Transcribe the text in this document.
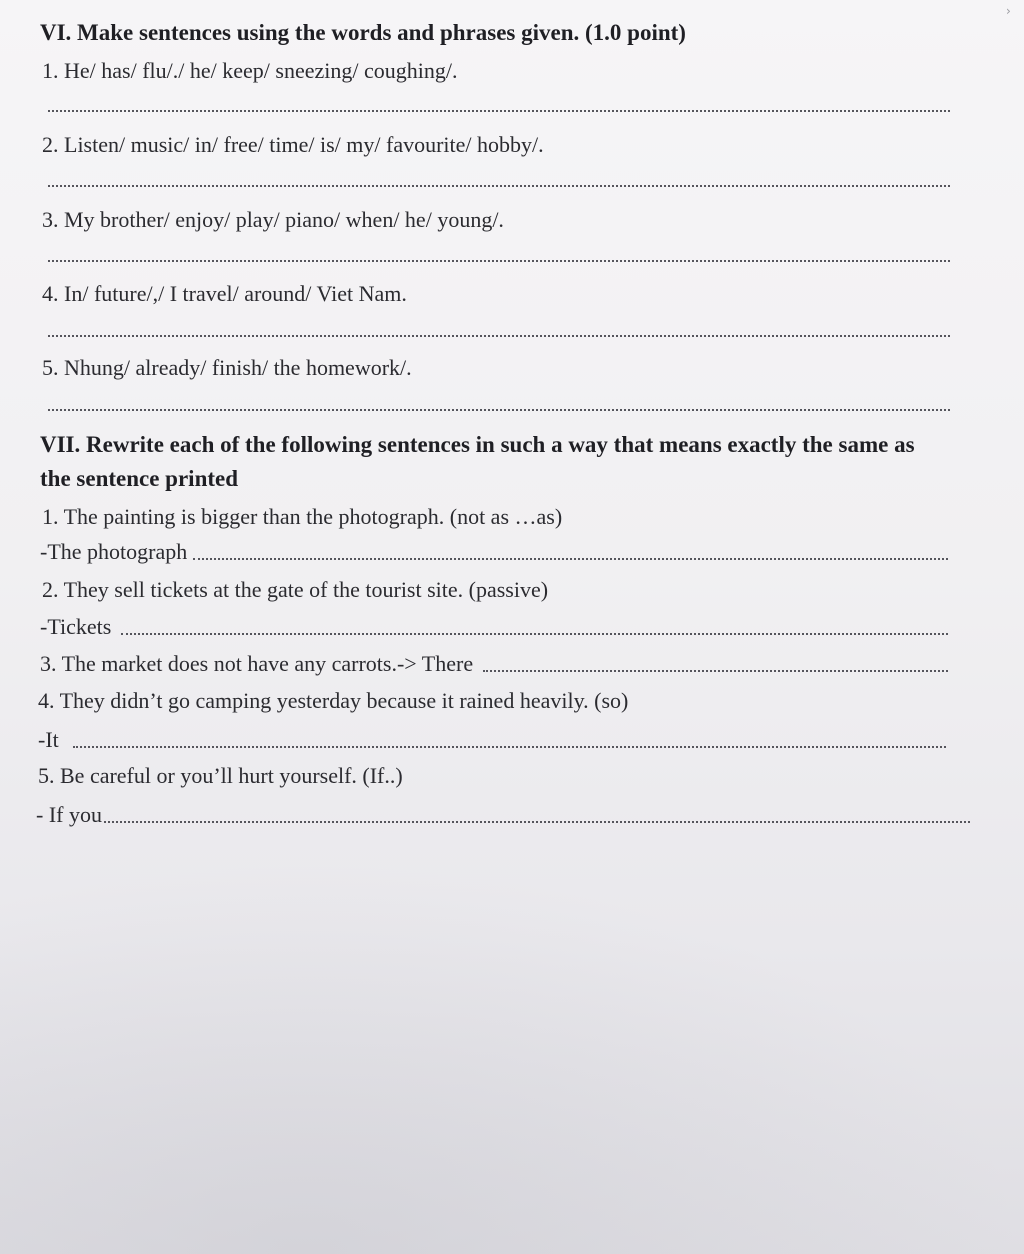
›
VI. Make sentences using the words and phrases given. (1.0 point)
1. He/ has/ flu/./ he/ keep/ sneezing/ coughing/.
2. Listen/ music/ in/ free/ time/ is/ my/ favourite/ hobby/.
3. My brother/ enjoy/ play/ piano/ when/ he/ young/.
4. In/ future/,/ I travel/ around/ Viet Nam.
5. Nhung/ already/ finish/ the homework/.
VII. Rewrite each of the following sentences in such a way that means exactly the same as
the sentence printed
1. The painting is bigger than the photograph. (not as …as)
-The photograph
2. They sell tickets at the gate of the tourist site. (passive)
-Tickets
3. The market does not have any carrots.-> There
4. They didn’t go camping yesterday because it rained heavily. (so)
-It
5. Be careful or you’ll hurt yourself. (If..)
- If you
